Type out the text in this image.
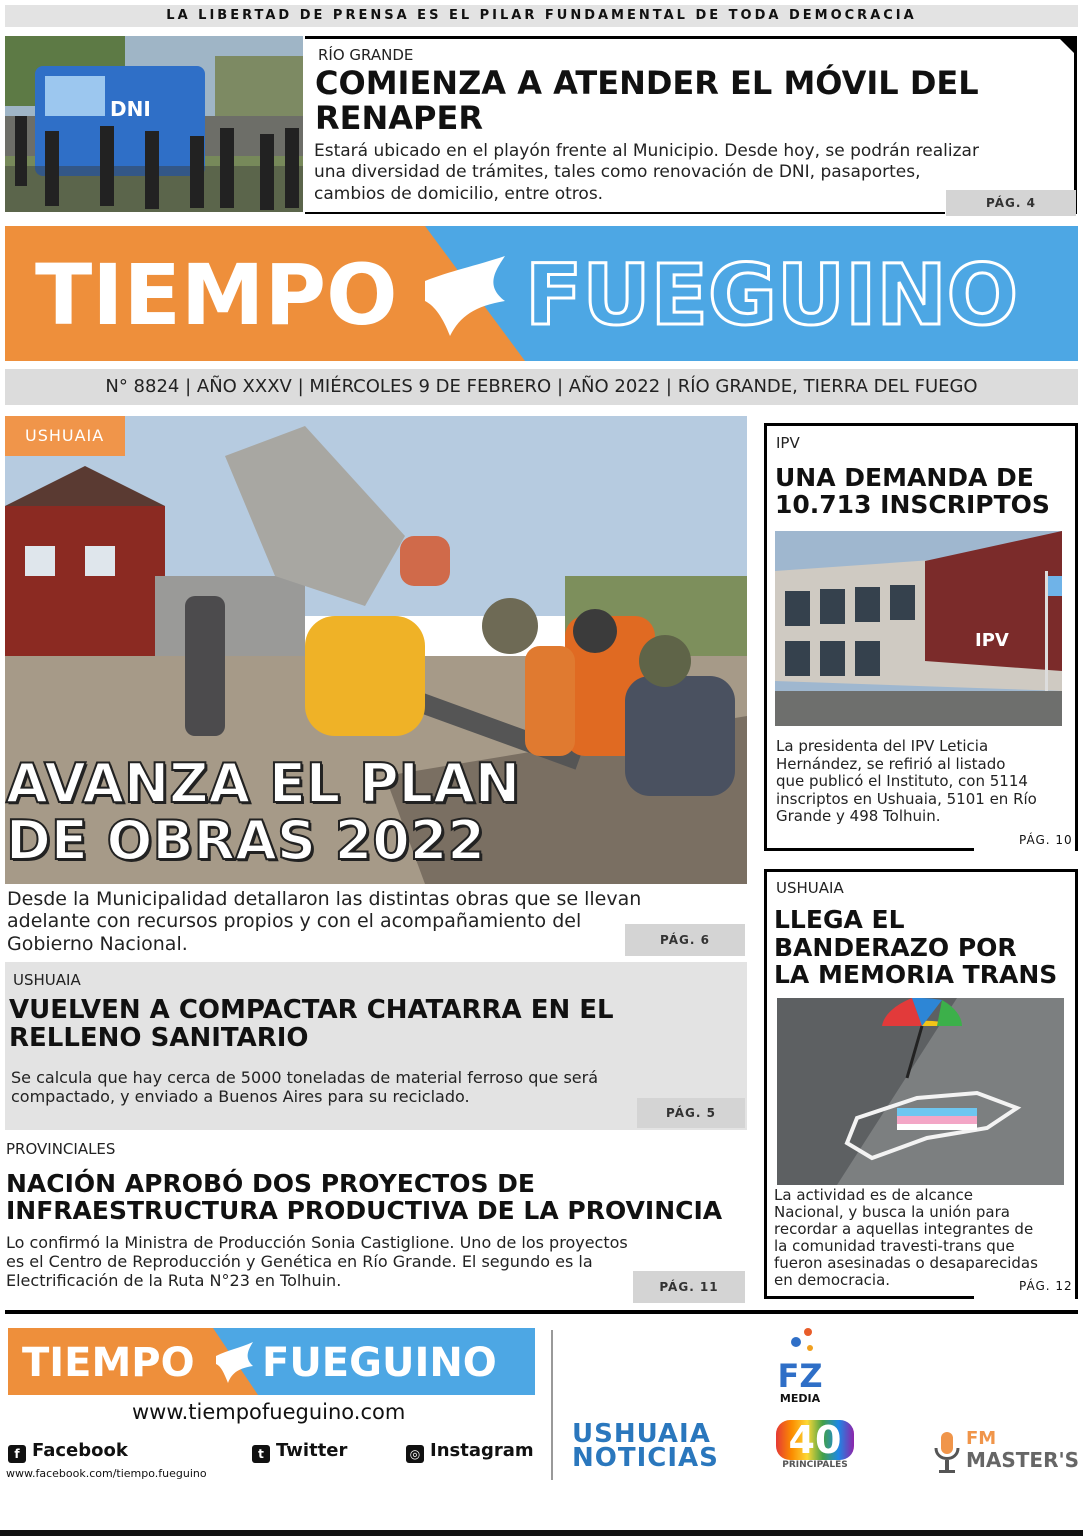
LA LIBERTAD DE PRENSA ES EL PILAR FUNDAMENTAL DE TODA DEMOCRACIA
DNI
RÍO GRANDE
COMIENZA A ATENDER EL MÓVIL DEL
RENAPER
Estará ubicado en el playón frente al Municipio. Desde hoy, se podrán realizar
una diversidad de trámites, tales como renovación de DNI, pasaportes,
cambios de domicilio, entre otros.	PÁG. 4
TIEMPO FUEGUINO
N° 8824 | AÑO XXXV | MIÉRCOLES 9 DE FEBRERO | AÑO 2022 | RÍO GRANDE, TIERRA DEL FUEGO
USHUAIA
AVANZA EL PLAN
DE OBRAS 2022
Desde la Municipalidad detallaron las distintas obras que se llevan
adelante con recursos propios y con el acompañamiento del
Gobierno Nacional.	PÁG. 6
USHUAIA
VUELVEN A COMPACTAR CHATARRA EN EL
RELLENO SANITARIO
Se calcula que hay cerca de 5000 toneladas de material ferroso que será
compactado, y enviado a Buenos Aires para su reciclado.
PÁG. 5
PROVINCIALES
NACIÓN APROBÓ DOS PROYECTOS DE
INFRAESTRUCTURA PRODUCTIVA DE LA PROVINCIA
Lo confirmó la Ministra de Producción Sonia Castiglione. Uno de los proyectos
es el Centro de Reproducción y Genética en Río Grande. El segundo es la
Electrificación de la Ruta N°23 en Tolhuin.	PÁG. 11
IPV
UNA DEMANDA DE
10.713 INSCRIPTOS
IPV
La presidenta del IPV Leticia
Hernández, se refirió al listado
que publicó el Instituto, con 5114
inscriptos en Ushuaia, 5101 en Río
Grande y 498 Tolhuin.
PÁG. 10
USHUAIA
LLEGA EL
BANDERAZO POR
LA MEMORIA TRANS
La actividad es de alcance
Nacional, y busca la unión para
recordar a aquellas integrantes de
la comunidad travesti-trans que
fueron asesinadas o desaparecidas
en democracia.	PÁG. 12
TIEMPO FUEGUINO
www.tiempofueguino.com
f Facebook	t Twitter	◎ Instagram
www.facebook.com/tiempo.fueguino
FZ
MEDIA
USHUAIA
NOTICIAS	40
PRINCIPALES
FM
MASTER'S
